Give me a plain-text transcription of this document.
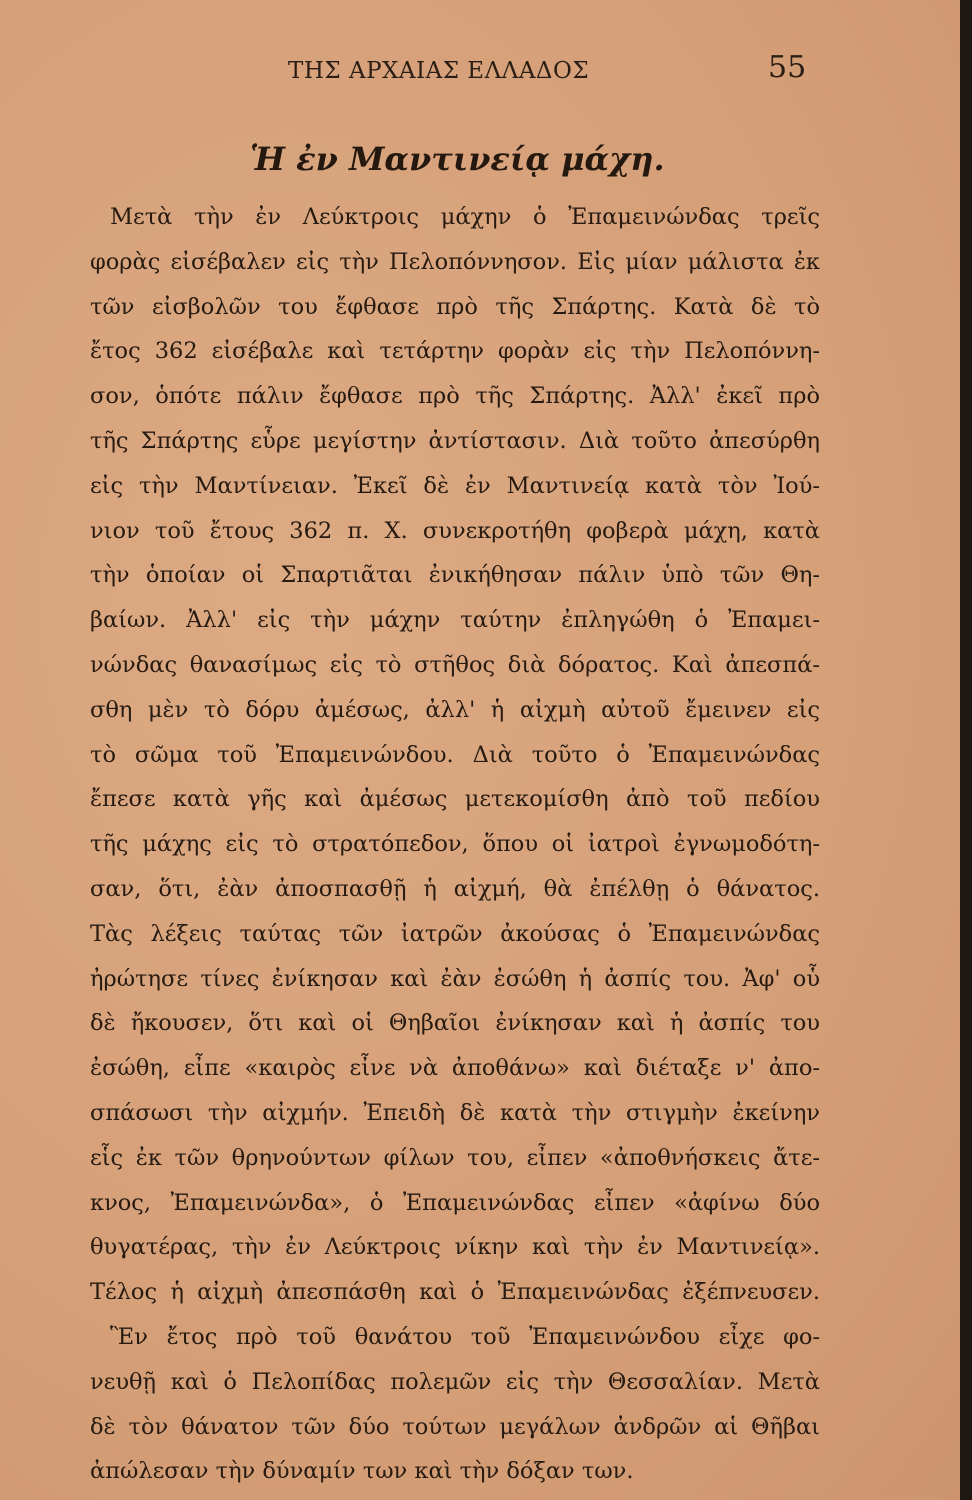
ΤΗΣ ΑΡΧΑΙΑΣ ΕΛΛΑΔΟΣ	55
Ἡ ἐν Μαντινείᾳ μάχη.
Μετὰ τὴν ἐν Λεύκτροις μάχην ὁ Ἐπαμεινώνδας τρεῖς
φορὰς εἰσέβαλεν εἰς τὴν Πελοπόννησον. Εἰς μίαν μάλιστα ἐκ
τῶν εἰσβολῶν του ἔφθασε πρὸ τῆς Σπάρτης. Κατὰ δὲ τὸ
ἔτος 362 εἰσέβαλε καὶ τετάρτην φορὰν εἰς τὴν Πελοπόννη-
σον, ὁπότε πάλιν ἔφθασε πρὸ τῆς Σπάρτης. Ἀλλ' ἐκεῖ πρὸ
τῆς Σπάρτης εὗρε μεγίστην ἀντίστασιν. Διὰ τοῦτο ἀπεσύρθη
εἰς τὴν Μαντίνειαν. Ἐκεῖ δὲ ἐν Μαντινείᾳ κατὰ τὸν Ἰού-
νιον τοῦ ἔτους 362 π. Χ. συνεκροτήθη φοβερὰ μάχη, κατὰ
τὴν ὁποίαν οἱ Σπαρτιᾶται ἐνικήθησαν πάλιν ὑπὸ τῶν Θη-
βαίων. Ἀλλ' εἰς τὴν μάχην ταύτην ἐπληγώθη ὁ Ἐπαμει-
νώνδας θανασίμως εἰς τὸ στῆθος διὰ δόρατος. Καὶ ἀπεσπά-
σθη μὲν τὸ δόρυ ἀμέσως, ἀλλ' ἡ αἰχμὴ αὐτοῦ ἔμεινεν εἰς
τὸ σῶμα τοῦ Ἐπαμεινώνδου. Διὰ τοῦτο ὁ Ἐπαμεινώνδας
ἔπεσε κατὰ γῆς καὶ ἀμέσως μετεκομίσθη ἀπὸ τοῦ πεδίου
τῆς μάχης εἰς τὸ στρατόπεδον, ὅπου οἱ ἰατροὶ ἐγνωμοδότη-
σαν, ὅτι, ἐὰν ἀποσπασθῇ ἡ αἰχμή, θὰ ἐπέλθῃ ὁ θάνατος.
Τὰς λέξεις ταύτας τῶν ἰατρῶν ἀκούσας ὁ Ἐπαμεινώνδας
ἠρώτησε τίνες ἐνίκησαν καὶ ἐὰν ἐσώθη ἡ ἀσπίς του. Ἀφ' οὗ
δὲ ἤκουσεν, ὅτι καὶ οἱ Θηβαῖοι ἐνίκησαν καὶ ἡ ἀσπίς του
ἐσώθη, εἶπε «καιρὸς εἶνε νὰ ἀποθάνω» καὶ διέταξε ν' ἀπο-
σπάσωσι τὴν αἰχμήν. Ἐπειδὴ δὲ κατὰ τὴν στιγμὴν ἐκείνην
εἷς ἐκ τῶν θρηνούντων φίλων του, εἶπεν «ἀποθνήσκεις ἄτε-
κνος, Ἐπαμεινώνδα», ὁ Ἐπαμεινώνδας εἶπεν «ἀφίνω δύο
θυγατέρας, τὴν ἐν Λεύκτροις νίκην καὶ τὴν ἐν Μαντινείᾳ».
Τέλος ἡ αἰχμὴ ἀπεσπάσθη καὶ ὁ Ἐπαμεινώνδας ἐξέπνευσεν.
Ἓν ἔτος πρὸ τοῦ θανάτου τοῦ Ἐπαμεινώνδου εἶχε φο-
νευθῇ καὶ ὁ Πελοπίδας πολεμῶν εἰς τὴν Θεσσαλίαν. Μετὰ
δὲ τὸν θάνατον τῶν δύο τούτων μεγάλων ἀνδρῶν αἱ Θῆβαι
ἀπώλεσαν τὴν δύναμίν των καὶ τὴν δόξαν των.
